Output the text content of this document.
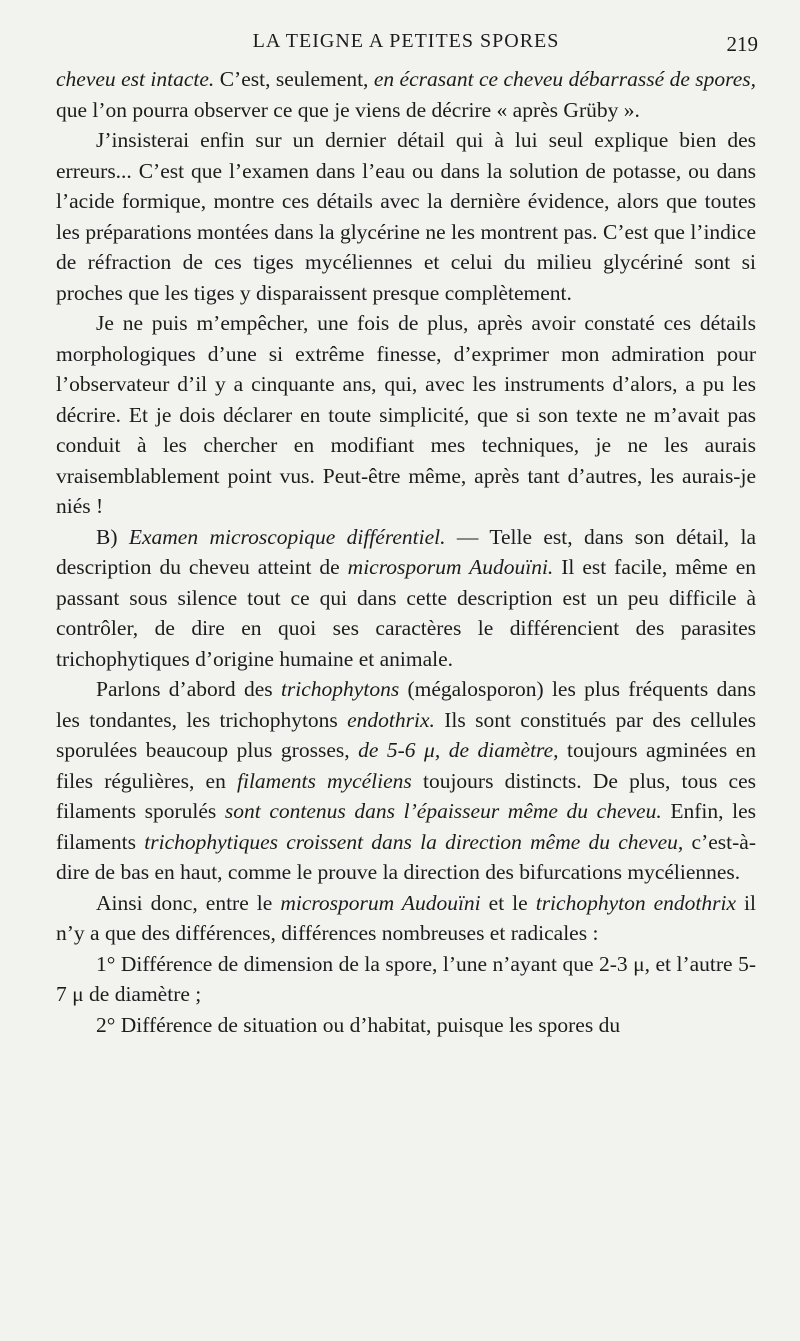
LA TEIGNE A PETITES SPORES	219

cheveu est intacte. C’est, seulement, en écrasant ce cheveu débarrassé de spores, que l’on pourra observer ce que je viens de décrire « après Grüby ».

J’insisterai enfin sur un dernier détail qui à lui seul explique bien des erreurs... C’est que l’examen dans l’eau ou dans la solution de potasse, ou dans l’acide formique, montre ces détails avec la dernière évidence, alors que toutes les préparations montées dans la glycérine ne les montrent pas. C’est que l’indice de réfraction de ces tiges mycéliennes et celui du milieu glycériné sont si proches que les tiges y disparaissent presque complètement.

Je ne puis m’empêcher, une fois de plus, après avoir constaté ces détails morphologiques d’une si extrême finesse, d’exprimer mon admiration pour l’observateur d’il y a cinquante ans, qui, avec les instruments d’alors, a pu les décrire. Et je dois déclarer en toute simplicité, que si son texte ne m’avait pas conduit à les chercher en modifiant mes techniques, je ne les aurais vraisemblablement point vus. Peut-être même, après tant d’autres, les aurais-je niés !

B) Examen microscopique différentiel. — Telle est, dans son détail, la description du cheveu atteint de microsporum Audouïni. Il est facile, même en passant sous silence tout ce qui dans cette description est un peu difficile à contrôler, de dire en quoi ses caractères le différencient des parasites trichophytiques d’origine humaine et animale.

Parlons d’abord des trichophytons (mégalosporon) les plus fréquents dans les tondantes, les trichophytons endothrix. Ils sont constitués par des cellules sporulées beaucoup plus grosses, de 5-6 μ, de diamètre, toujours agminées en files régulières, en filaments mycéliens toujours distincts. De plus, tous ces filaments sporulés sont contenus dans l’épaisseur même du cheveu. Enfin, les filaments trichophytiques croissent dans la direction même du cheveu, c’est-à-dire de bas en haut, comme le prouve la direction des bifurcations mycéliennes.

Ainsi donc, entre le microsporum Audouïni et le trichophyton endothrix il n’y a que des différences, différences nombreuses et radicales :

1° Différence de dimension de la spore, l’une n’ayant que 2-3 μ, et l’autre 5-7 μ de diamètre ;

2° Différence de situation ou d’habitat, puisque les spores du
